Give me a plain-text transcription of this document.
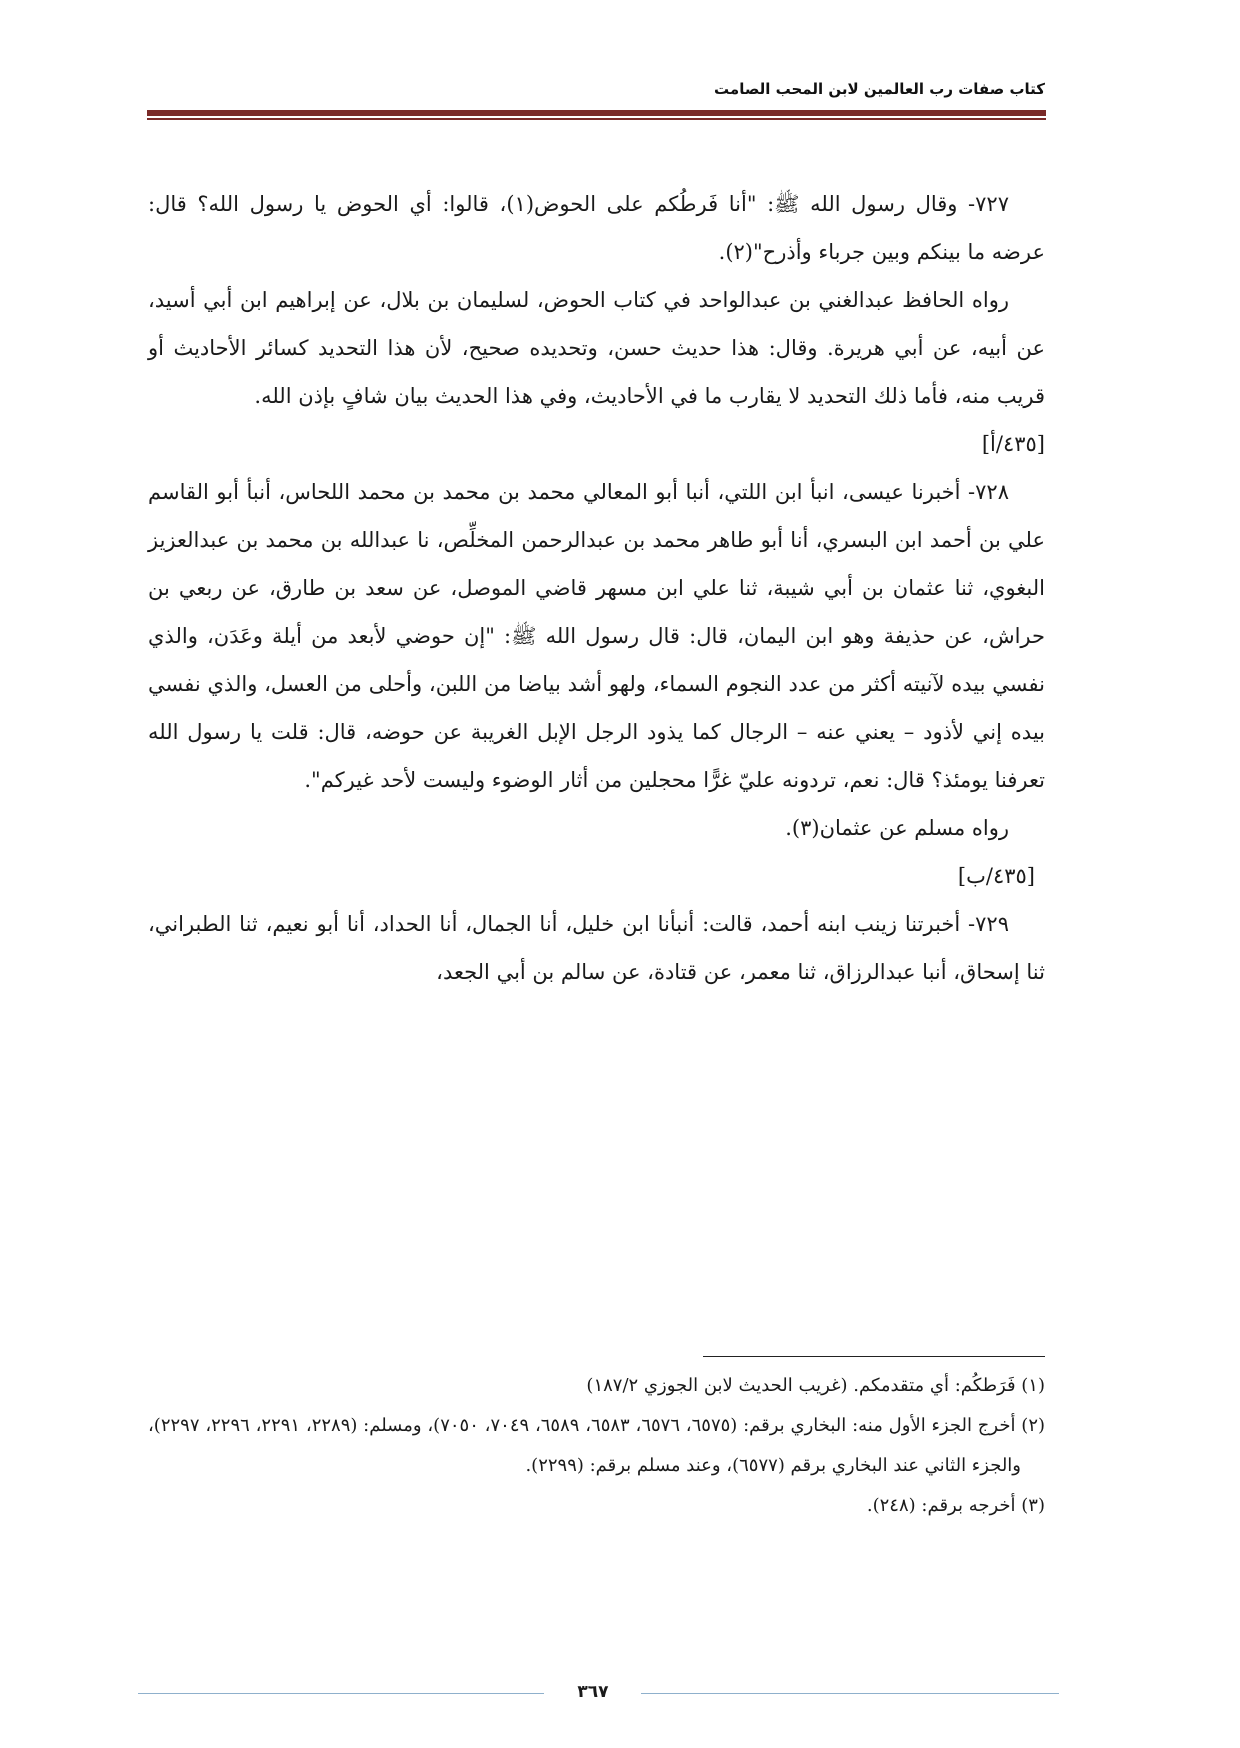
كتاب صفات رب العالمين لابن المحب الصامت

٧٢٧- وقال رسول الله ﷺ: "أنا فَرطُكم على الحوض(١)، قالوا: أي الحوض يا رسول الله؟ قال: عرضه ما بينكم وبين جرباء وأذرح"(٢).

رواه الحافظ عبدالغني بن عبدالواحد في كتاب الحوض، لسليمان بن بلال، عن إبراهيم ابن أبي أسيد، عن أبيه، عن أبي هريرة. وقال: هذا حديث حسن، وتحديده صحيح، لأن هذا التحديد كسائر الأحاديث أو قريب منه، فأما ذلك التحديد لا يقارب ما في الأحاديث، وفي هذا الحديث بيان شافٍ بإذن الله.

[٤٣٥/أ]

٧٢٨- أخبرنا عيسى، انبأ ابن اللتي، أنبا أبو المعالي محمد بن محمد بن محمد اللحاس، أنبأ أبو القاسم علي بن أحمد ابن البسري، أنا أبو طاهر محمد بن عبدالرحمن المخلِّص، نا عبدالله بن محمد بن عبدالعزيز البغوي، ثنا عثمان بن أبي شيبة، ثنا علي ابن مسهر قاضي الموصل، عن سعد بن طارق، عن ربعي بن حراش، عن حذيفة وهو ابن اليمان، قال: قال رسول الله ﷺ: "إن حوضي لأبعد من أيلة وعَدَن، والذي نفسي بيده لآنيته أكثر من عدد النجوم السماء، ولهو أشد بياضا من اللبن، وأحلى من العسل، والذي نفسي بيده إني لأذود – يعني عنه – الرجال كما يذود الرجل الإبل الغريبة عن حوضه، قال: قلت يا رسول الله تعرفنا يومئذ؟ قال: نعم، تردونه عليّ غرًّا محجلين من أثار الوضوء وليست لأحد غيركم".

رواه مسلم عن عثمان(٣).

[٤٣٥/ب]

٧٢٩- أخبرتنا زينب ابنه أحمد، قالت: أنبأنا ابن خليل، أنا الجمال، أنا الحداد، أنا أبو نعيم، ثنا الطبراني، ثنا إسحاق، أنبا عبدالرزاق، ثنا معمر، عن قتادة، عن سالم بن أبي الجعد،

(١) فَرَطكُم: أي متقدمكم. (غريب الحديث لابن الجوزي ١٨٧/٢)

(٢) أخرج الجزء الأول منه: البخاري برقم: (٦٥٧٥، ٦٥٧٦، ٦٥٨٣، ٦٥٨٩، ٧٠٤٩، ٧٠٥٠)، ومسلم: (٢٢٨٩، ٢٢٩١، ٢٢٩٦، ٢٢٩٧)، والجزء الثاني عند البخاري برقم (٦٥٧٧)، وعند مسلم برقم: (٢٢٩٩).

(٣) أخرجه برقم: (٢٤٨).

٣٦٧
